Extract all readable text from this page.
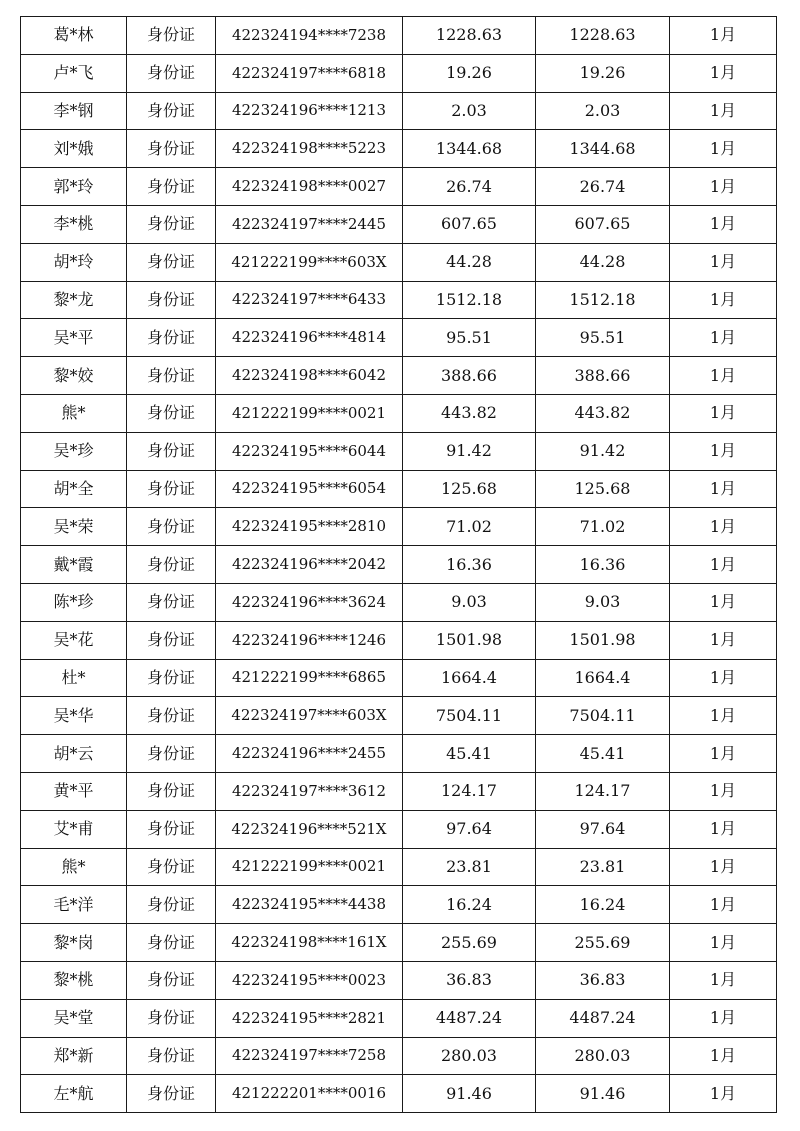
葛*林	身份证	422324194****7238	1228.63	1228.63	1月
卢*飞	身份证	422324197****6818	19.26	19.26	1月
李*钢	身份证	422324196****1213	2.03	2.03	1月
刘*娥	身份证	422324198****5223	1344.68	1344.68	1月
郭*玲	身份证	422324198****0027	26.74	26.74	1月
李*桃	身份证	422324197****2445	607.65	607.65	1月
胡*玲	身份证	421222199****603X	44.28	44.28	1月
黎*龙	身份证	422324197****6433	1512.18	1512.18	1月
吴*平	身份证	422324196****4814	95.51	95.51	1月
黎*姣	身份证	422324198****6042	388.66	388.66	1月
熊*	身份证	421222199****0021	443.82	443.82	1月
吴*珍	身份证	422324195****6044	91.42	91.42	1月
胡*全	身份证	422324195****6054	125.68	125.68	1月
吴*荣	身份证	422324195****2810	71.02	71.02	1月
戴*霞	身份证	422324196****2042	16.36	16.36	1月
陈*珍	身份证	422324196****3624	9.03	9.03	1月
吴*花	身份证	422324196****1246	1501.98	1501.98	1月
杜*	身份证	421222199****6865	1664.4	1664.4	1月
吴*华	身份证	422324197****603X	7504.11	7504.11	1月
胡*云	身份证	422324196****2455	45.41	45.41	1月
黄*平	身份证	422324197****3612	124.17	124.17	1月
艾*甫	身份证	422324196****521X	97.64	97.64	1月
熊*	身份证	421222199****0021	23.81	23.81	1月
毛*洋	身份证	422324195****4438	16.24	16.24	1月
黎*岗	身份证	422324198****161X	255.69	255.69	1月
黎*桃	身份证	422324195****0023	36.83	36.83	1月
吴*堂	身份证	422324195****2821	4487.24	4487.24	1月
郑*新	身份证	422324197****7258	280.03	280.03	1月
左*航	身份证	421222201****0016	91.46	91.46	1月
